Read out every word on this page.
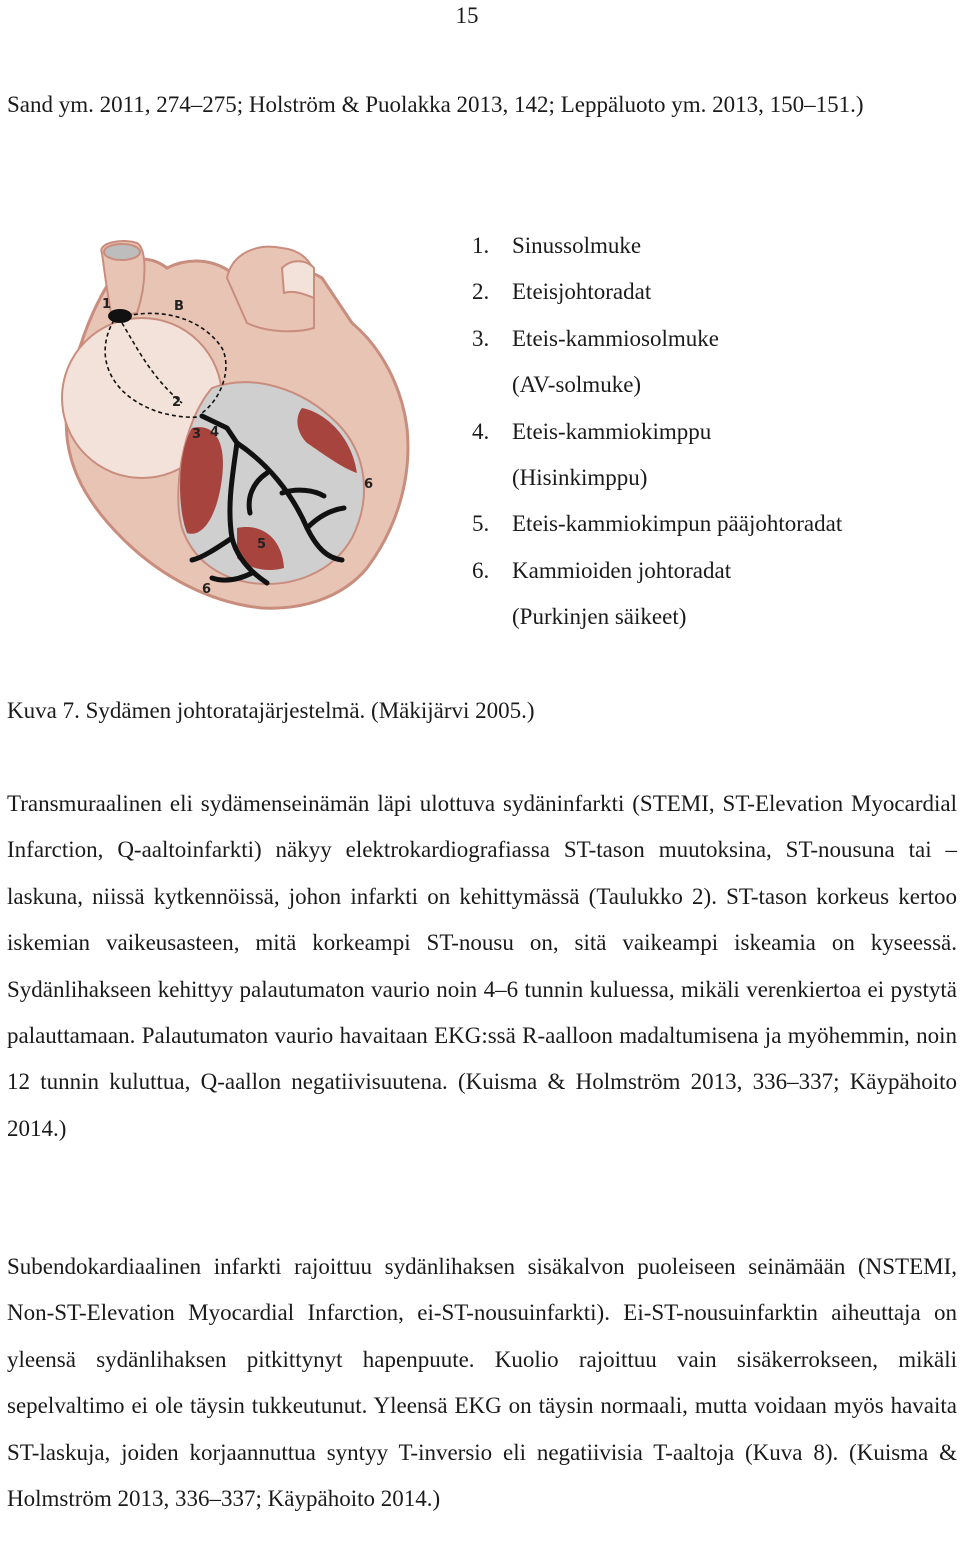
15

Sand ym. 2011, 274–275; Holström & Puolakka 2013, 142; Leppäluoto ym. 2013, 150–151.)

B
1
2
3 4
5
6
6
1. Sinussolmuke
2. Eteisjohtoradat
3. Eteis-kammiosolmuke
(AV-solmuke)
4. Eteis-kammiokimppu
(Hisinkimppu)
5. Eteis-kammiokimpun pääjohtoradat
6. Kammioiden johtoradat
(Purkinjen säikeet)

Kuva 7. Sydämen johtoratajärjestelmä. (Mäkijärvi 2005.)

Transmuraalinen eli sydämenseinämän läpi ulottuva sydäninfarkti (STEMI, ST-Elevation Myocardial Infarction, Q-aaltoinfarkti) näkyy elektrokardiografiassa ST-tason muutoksina, ST-nousuna tai –laskuna, niissä kytkennöissä, johon infarkti on kehittymässä (Taulukko 2). ST-tason korkeus kertoo iskemian vaikeusasteen, mitä korkeampi ST-nousu on, sitä vaikeampi iskeamia on kyseessä. Sydänlihakseen kehittyy palautumaton vaurio noin 4–6 tunnin kuluessa, mikäli verenkiertoa ei pystytä palauttamaan. Palautumaton vaurio havaitaan EKG:ssä R-aalloon madaltumisena ja myöhemmin, noin 12 tunnin kuluttua, Q-aallon negatiivisuutena. (Kuisma & Holmström 2013, 336–337; Käypähoito 2014.)

Subendokardiaalinen infarkti rajoittuu sydänlihaksen sisäkalvon puoleiseen seinämään (NSTEMI, Non-ST-Elevation Myocardial Infarction, ei-ST-nousuinfarkti). Ei-ST-nousuinfarktin aiheuttaja on yleensä sydänlihaksen pitkittynyt hapenpuute. Kuolio rajoittuu vain sisäkerrokseen, mikäli sepelvaltimo ei ole täysin tukkeutunut. Yleensä EKG on täysin normaali, mutta voidaan myös havaita ST-laskuja, joiden korjaannuttua syntyy T-inversio eli negatiivisia T-aaltoja (Kuva 8). (Kuisma & Holmström 2013, 336–337; Käypähoito 2014.)
